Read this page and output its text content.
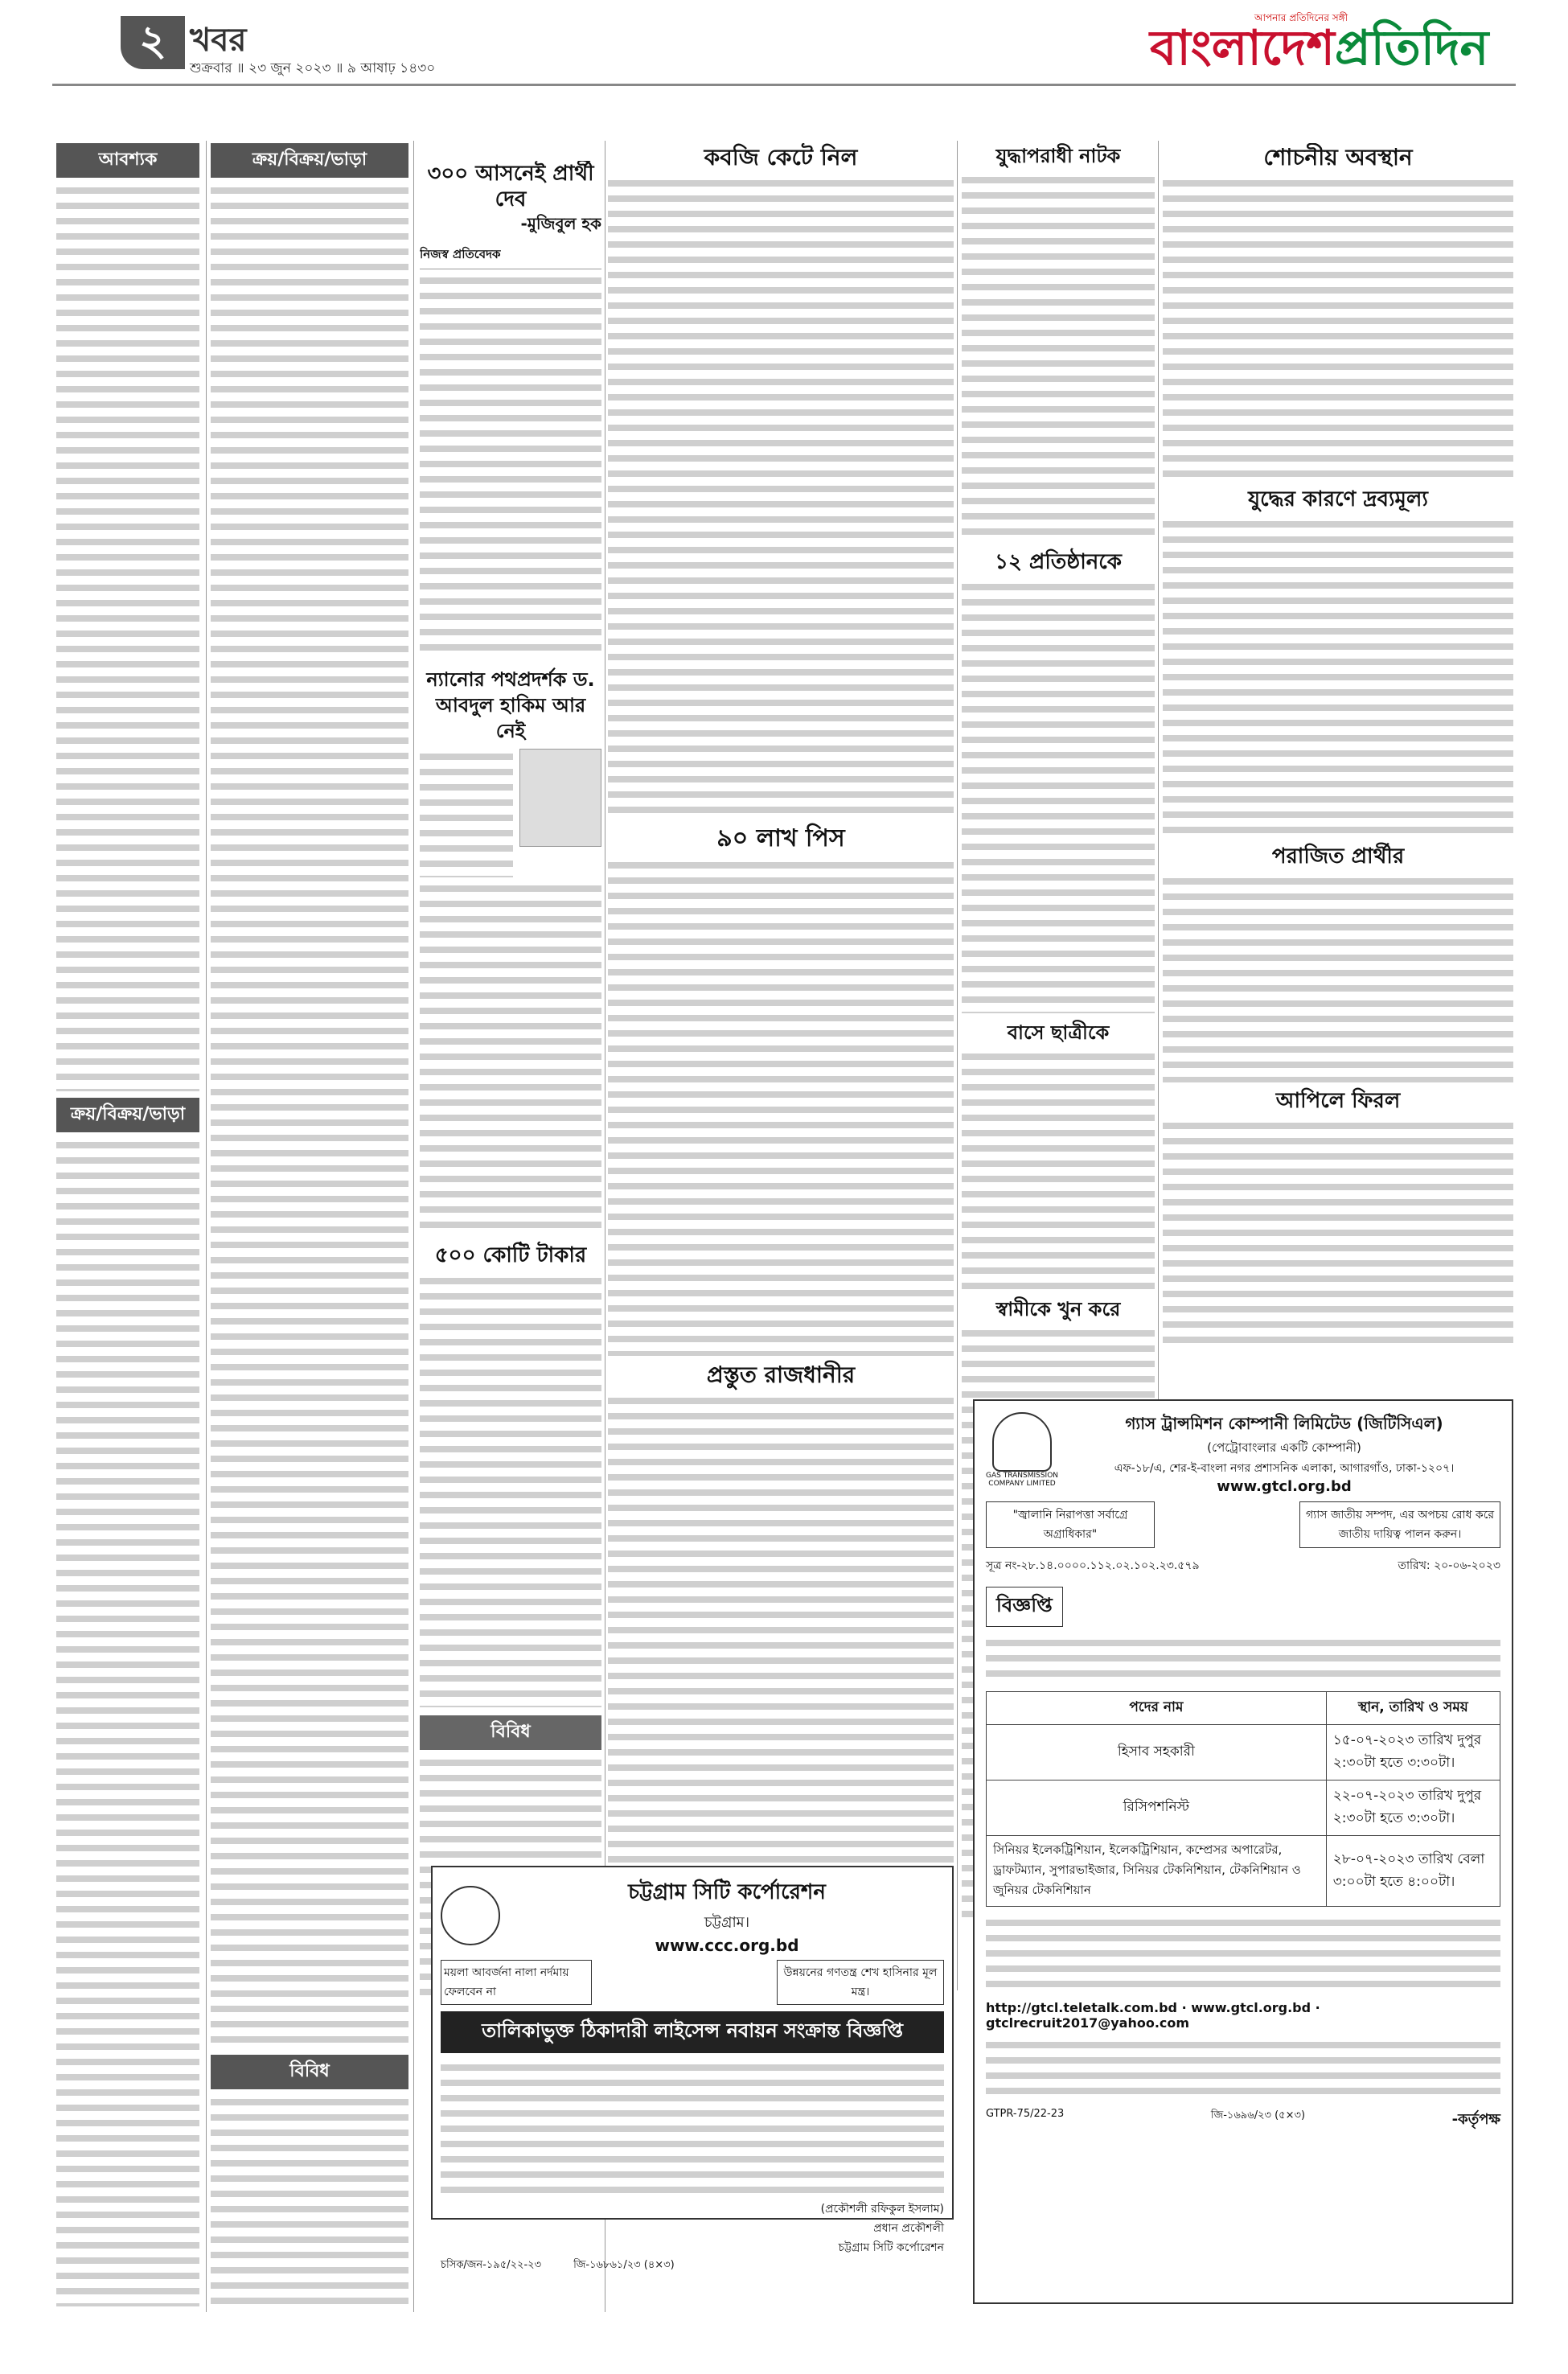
২ খবর
শুক্রবার ॥ ২৩ জুন ২০২৩ ॥ ৯ আষাঢ় ১৪৩০
আপনার প্রতিদিনের সঙ্গী
বাংলাদেশপ্রতিদিন
আবশ্যক
ক্রয়/বিক্রয়/ভাড়া
ক্রয়/বিক্রয়/ভাড়া
বিবিধ
৩০০ আসনেই প্রার্থী দেব
-মুজিবুল হক
নিজস্ব প্রতিবেদক
ন্যানোর পথপ্রদর্শক ড. আবদুল হাকিম আর নেই
৫০০ কোটি টাকার
বিবিধ
কবজি কেটে নিল
৯০ লাখ পিস
প্রস্তুত রাজধানীর
যুদ্ধাপরাধী নাটক
১২ প্রতিষ্ঠানকে
বাসে ছাত্রীকে
স্বামীকে খুন করে
শোচনীয় অবস্থান
যুদ্ধের কারণে দ্রব্যমূল্য
পরাজিত প্রার্থীর
আপিলে ফিরল
চট্টগ্রাম সিটি কর্পোরেশন
চট্টগ্রাম।
www.ccc.org.bd
ময়লা আবর্জনা নালা নর্দমায় ফেলবেন না
উন্নয়নের গণতন্ত্র শেখ হাসিনার মূল মন্ত্র।
তালিকাভুক্ত ঠিকাদারী লাইসেন্স নবায়ন সংক্রান্ত বিজ্ঞপ্তি
(প্রকৌশলী রফিকুল ইসলাম)
প্রধান প্রকৌশলী
চট্টগ্রাম সিটি কর্পোরেশন
চসিক/জন-১৯৫/২২-২৩	জি-১৬৮৬১/২৩ (৪×৩)
GAS TRANSMISSION COMPANY LIMITED
গ্যাস ট্রান্সমিশন কোম্পানী লিমিটেড (জিটিসিএল)
(পেট্রোবাংলার একটি কোম্পানী)
এফ-১৮/এ, শের-ই-বাংলা নগর প্রশাসনিক এলাকা, আগারগাঁও, ঢাকা-১২০৭।
www.gtcl.org.bd
"জ্বালানি নিরাপত্তা সর্বাগ্রে অগ্রাধিকার"
গ্যাস জাতীয় সম্পদ, এর অপচয় রোধ করে জাতীয় দায়িত্ব পালন করুন।
সূত্র নং-২৮.১৪.০০০০.১১২.০২.১০২.২৩.৫৭৯	তারিখ: ২০-০৬-২০২৩
বিজ্ঞপ্তি
পদের নাম	স্থান, তারিখ ও সময়
হিসাব সহকারী	১৫-০৭-২০২৩ তারিখ দুপুর ২:৩০টা হতে ৩:৩০টা।
রিসিপশনিস্ট	২২-০৭-২০২৩ তারিখ দুপুর ২:৩০টা হতে ৩:৩০টা।
সিনিয়র ইলেকট্রিশিয়ান, ইলেকট্রিশিয়ান, কম্প্রেসর অপারেটর, ড্রাফটম্যান, সুপারভাইজার, সিনিয়র টেকনিশিয়ান, টেকনিশিয়ান ও জুনিয়র টেকনিশিয়ান	২৮-০৭-২০২৩ তারিখ বেলা ৩:০০টা হতে ৪:০০টা।
http://gtcl.teletalk.com.bd · www.gtcl.org.bd · gtclrecruit2017@yahoo.com
GTPR-75/22-23	জি-১৬৯৬/২৩ (৫×৩)	-কর্তৃপক্ষ
